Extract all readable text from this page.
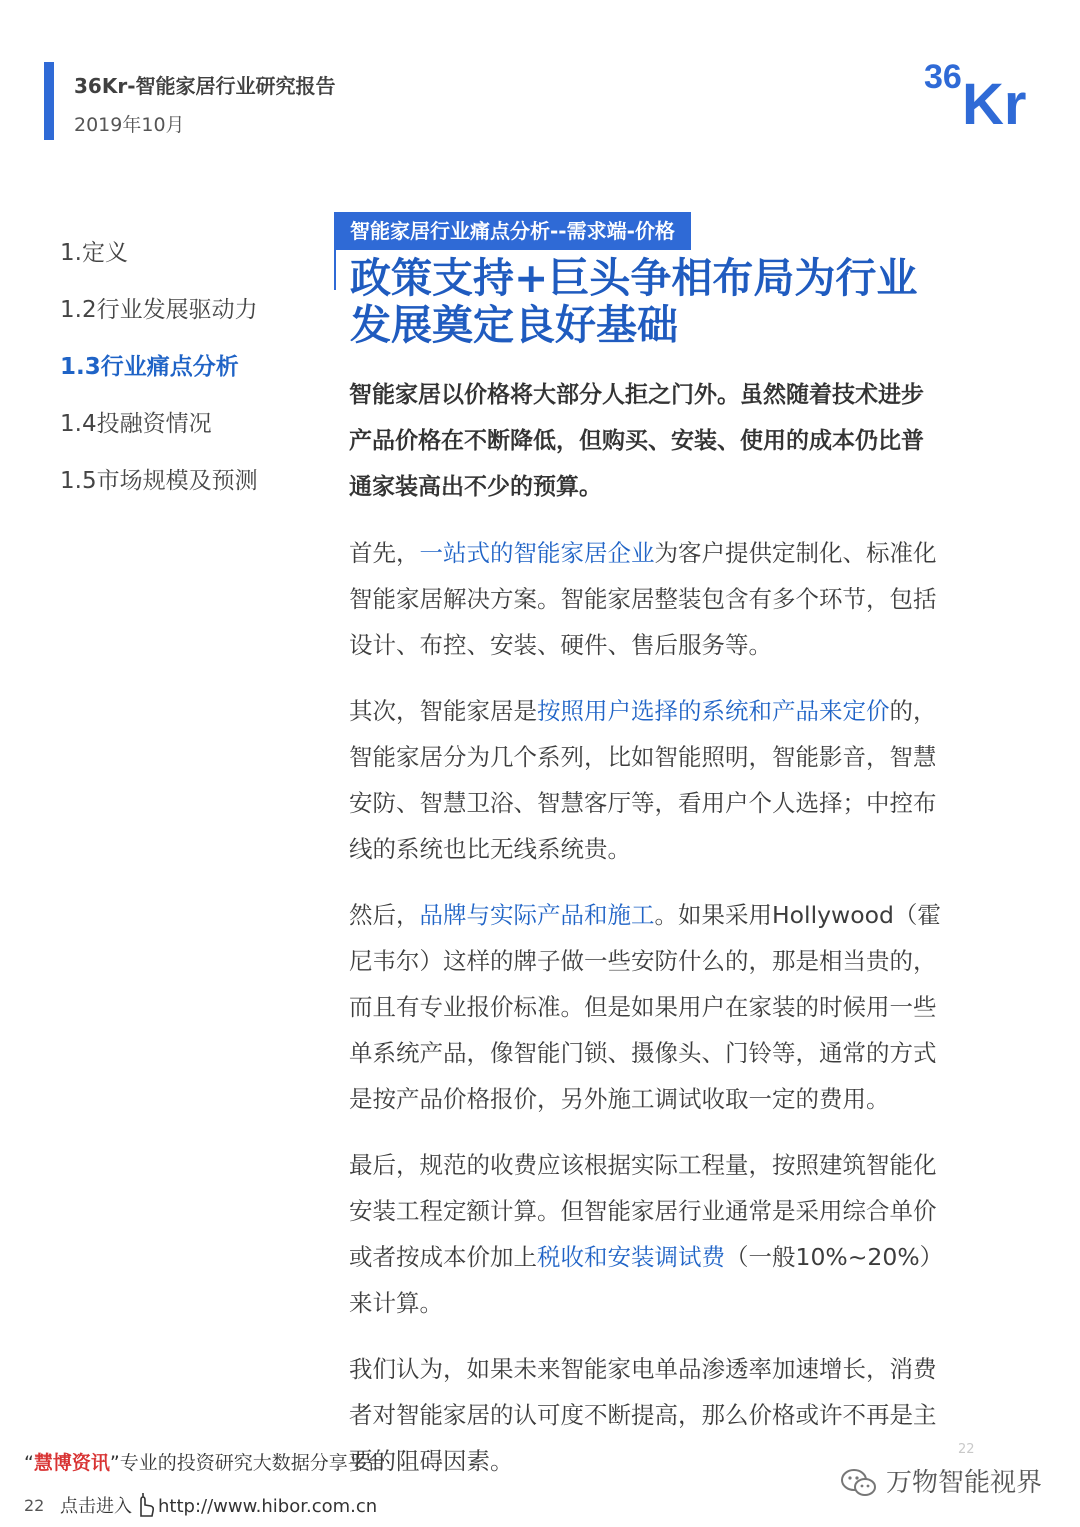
36Kr-智能家居行业研究报告
2019年10月
36 Kr
1.定义
1.2行业发展驱动力
1.3行业痛点分析
1.4投融资情况
1.5市场规模及预测
智能家居行业痛点分析--需求端-价格
政策支持+巨头争相布局为行业
发展奠定良好基础

智能家居以价格将大部分人拒之门外。虽然随着技术进步
产品价格在不断降低，但购买、安装、使用的成本仍比普
通家装高出不少的预算。

首先，一站式的智能家居企业为客户提供定制化、标准化
智能家居解决方案。智能家居整装包含有多个环节，包括
设计、布控、安装、硬件、售后服务等。

其次，智能家居是按照用户选择的系统和产品来定价的，
智能家居分为几个系列，比如智能照明，智能影音，智慧
安防、智慧卫浴、智慧客厅等，看用户个人选择；中控布
线的系统也比无线系统贵。

然后，品牌与实际产品和施工。如果采用Hollywood（霍
尼韦尔）这样的牌子做一些安防什么的，那是相当贵的，
而且有专业报价标准。但是如果用户在家装的时候用一些
单系统产品，像智能门锁、摄像头、门铃等，通常的方式
是按产品价格报价，另外施工调试收取一定的费用。

最后，规范的收费应该根据实际工程量，按照建筑智能化
安装工程定额计算。但智能家居行业通常是采用综合单价
或者按成本价加上税收和安装调试费（一般10%~20%）
来计算。

我们认为，如果未来智能家电单品渗透率加速增长，消费
者对智能家居的认可度不断提高，那么价格或许不再是主
要的阻碍因素。

“慧博资讯”专业的投资研究大数据分享平台
22 点击进入 http://www.hibor.com.cn
22
万物智能视界
